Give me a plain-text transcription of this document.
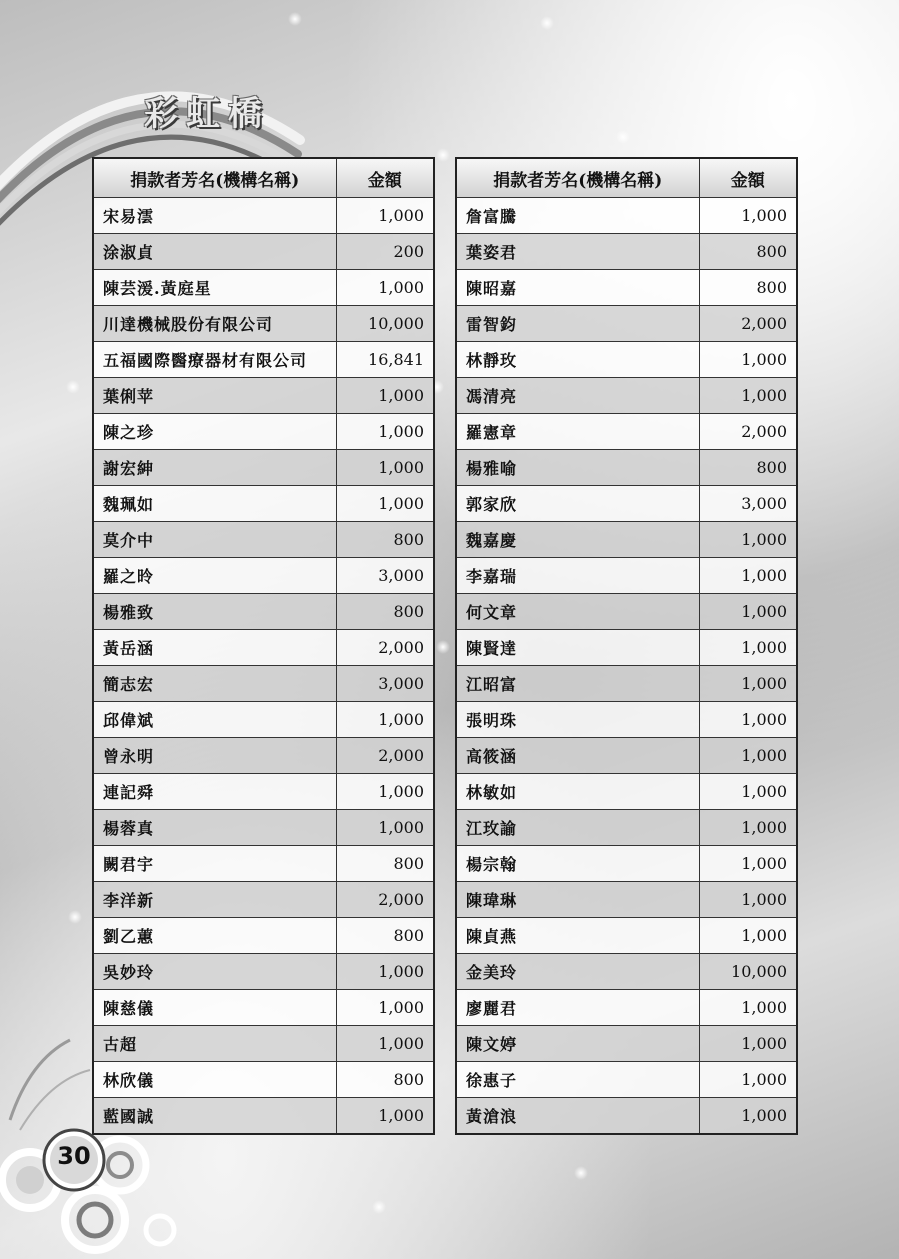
彩虹橋
捐款者芳名(機構名稱)	金額
宋易澐	1,000
涂淑貞	200
陳芸湲.黃庭星	1,000
川達機械股份有限公司	10,000
五福國際醫療器材有限公司	16,841
葉俐苹	1,000
陳之珍	1,000
謝宏紳	1,000
魏珮如	1,000
莫介中	800
羅之昤	3,000
楊雅致	800
黃岳涵	2,000
簡志宏	3,000
邱偉斌	1,000
曾永明	2,000
連記舜	1,000
楊蓉真	1,000
闕君宇	800
李洋新	2,000
劉乙蕙	800
吳妙玲	1,000
陳慈儀	1,000
古超	1,000
林欣儀	800
藍國誠	1,000
捐款者芳名(機構名稱)	金額
詹富騰	1,000
葉姿君	800
陳昭嘉	800
雷智鈞	2,000
林靜玫	1,000
馮清亮	1,000
羅憲章	2,000
楊雅喻	800
郭家欣	3,000
魏嘉慶	1,000
李嘉瑞	1,000
何文章	1,000
陳賢達	1,000
江昭富	1,000
張明珠	1,000
高筱涵	1,000
林敏如	1,000
江玫諭	1,000
楊宗翰	1,000
陳瑋琳	1,000
陳貞燕	1,000
金美玲	10,000
廖麗君	1,000
陳文婷	1,000
徐惠子	1,000
黃滄浪	1,000
30
